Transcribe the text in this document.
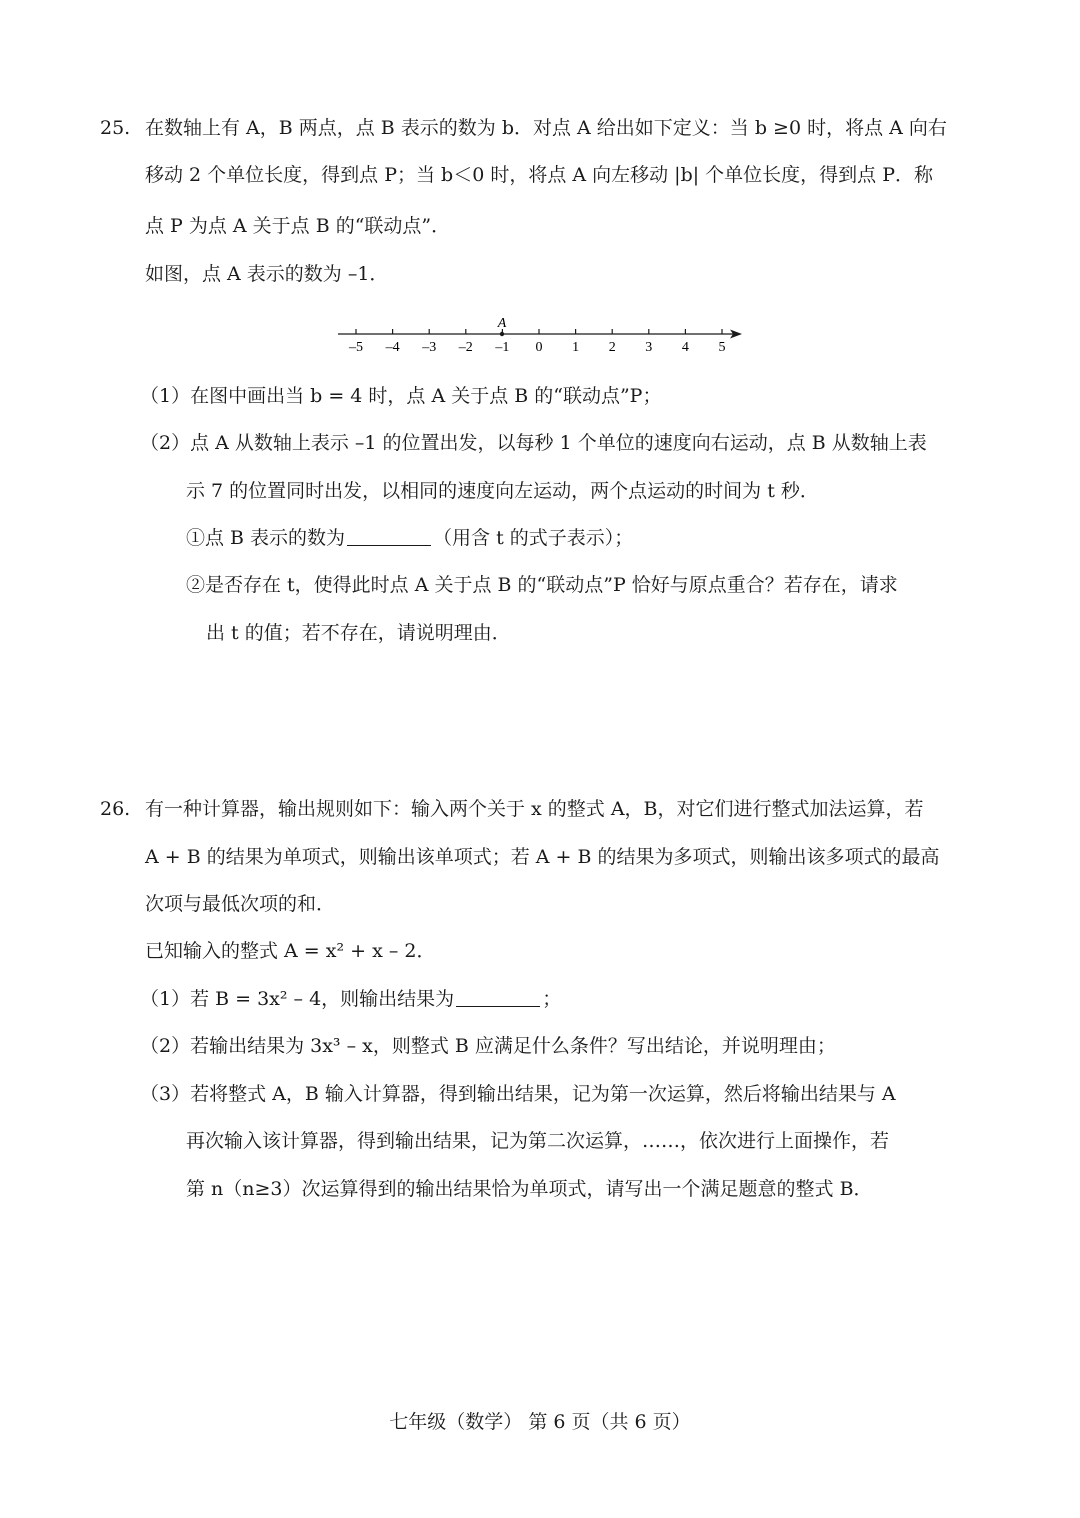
25. 在数轴上有 A，B 两点，点 B 表示的数为 b．对点 A 给出如下定义：当 b ≥0 时，将点 A 向右
移动 2 个单位长度，得到点 P；当 b＜0 时，将点 A 向左移动 |b| 个单位长度，得到点 P．称
点 P 为点 A 关于点 B 的“联动点”．
如图，点 A 表示的数为 –1．
–5 –4 –3 –2 –1 0 1 2 3 4 5
A
（1）在图中画出当 b = 4 时，点 A 关于点 B 的“联动点”P；
（2）点 A 从数轴上表示 –1 的位置出发，以每秒 1 个单位的速度向右运动，点 B 从数轴上表
示 7 的位置同时出发，以相同的速度向左运动，两个点运动的时间为 t 秒．
①点 B 表示的数为	（用含 t 的式子表示）；
②是否存在 t，使得此时点 A 关于点 B 的“联动点”P 恰好与原点重合？若存在，请求
出 t 的值；若不存在，请说明理由．
26. 有一种计算器，输出规则如下：输入两个关于 x 的整式 A，B，对它们进行整式加法运算，若
A + B 的结果为单项式，则输出该单项式；若 A + B 的结果为多项式，则输出该多项式的最高
次项与最低次项的和．
已知输入的整式 A = x² + x – 2．
（1）若 B = 3x² – 4，则输出结果为	；
（2）若输出结果为 3x³ – x，则整式 B 应满足什么条件？写出结论，并说明理由；
（3）若将整式 A，B 输入计算器，得到输出结果，记为第一次运算，然后将输出结果与 A
再次输入该计算器，得到输出结果，记为第二次运算，……，依次进行上面操作，若
第 n（n≥3）次运算得到的输出结果恰为单项式，请写出一个满足题意的整式 B．
七年级（数学） 第 6 页（共 6 页）
